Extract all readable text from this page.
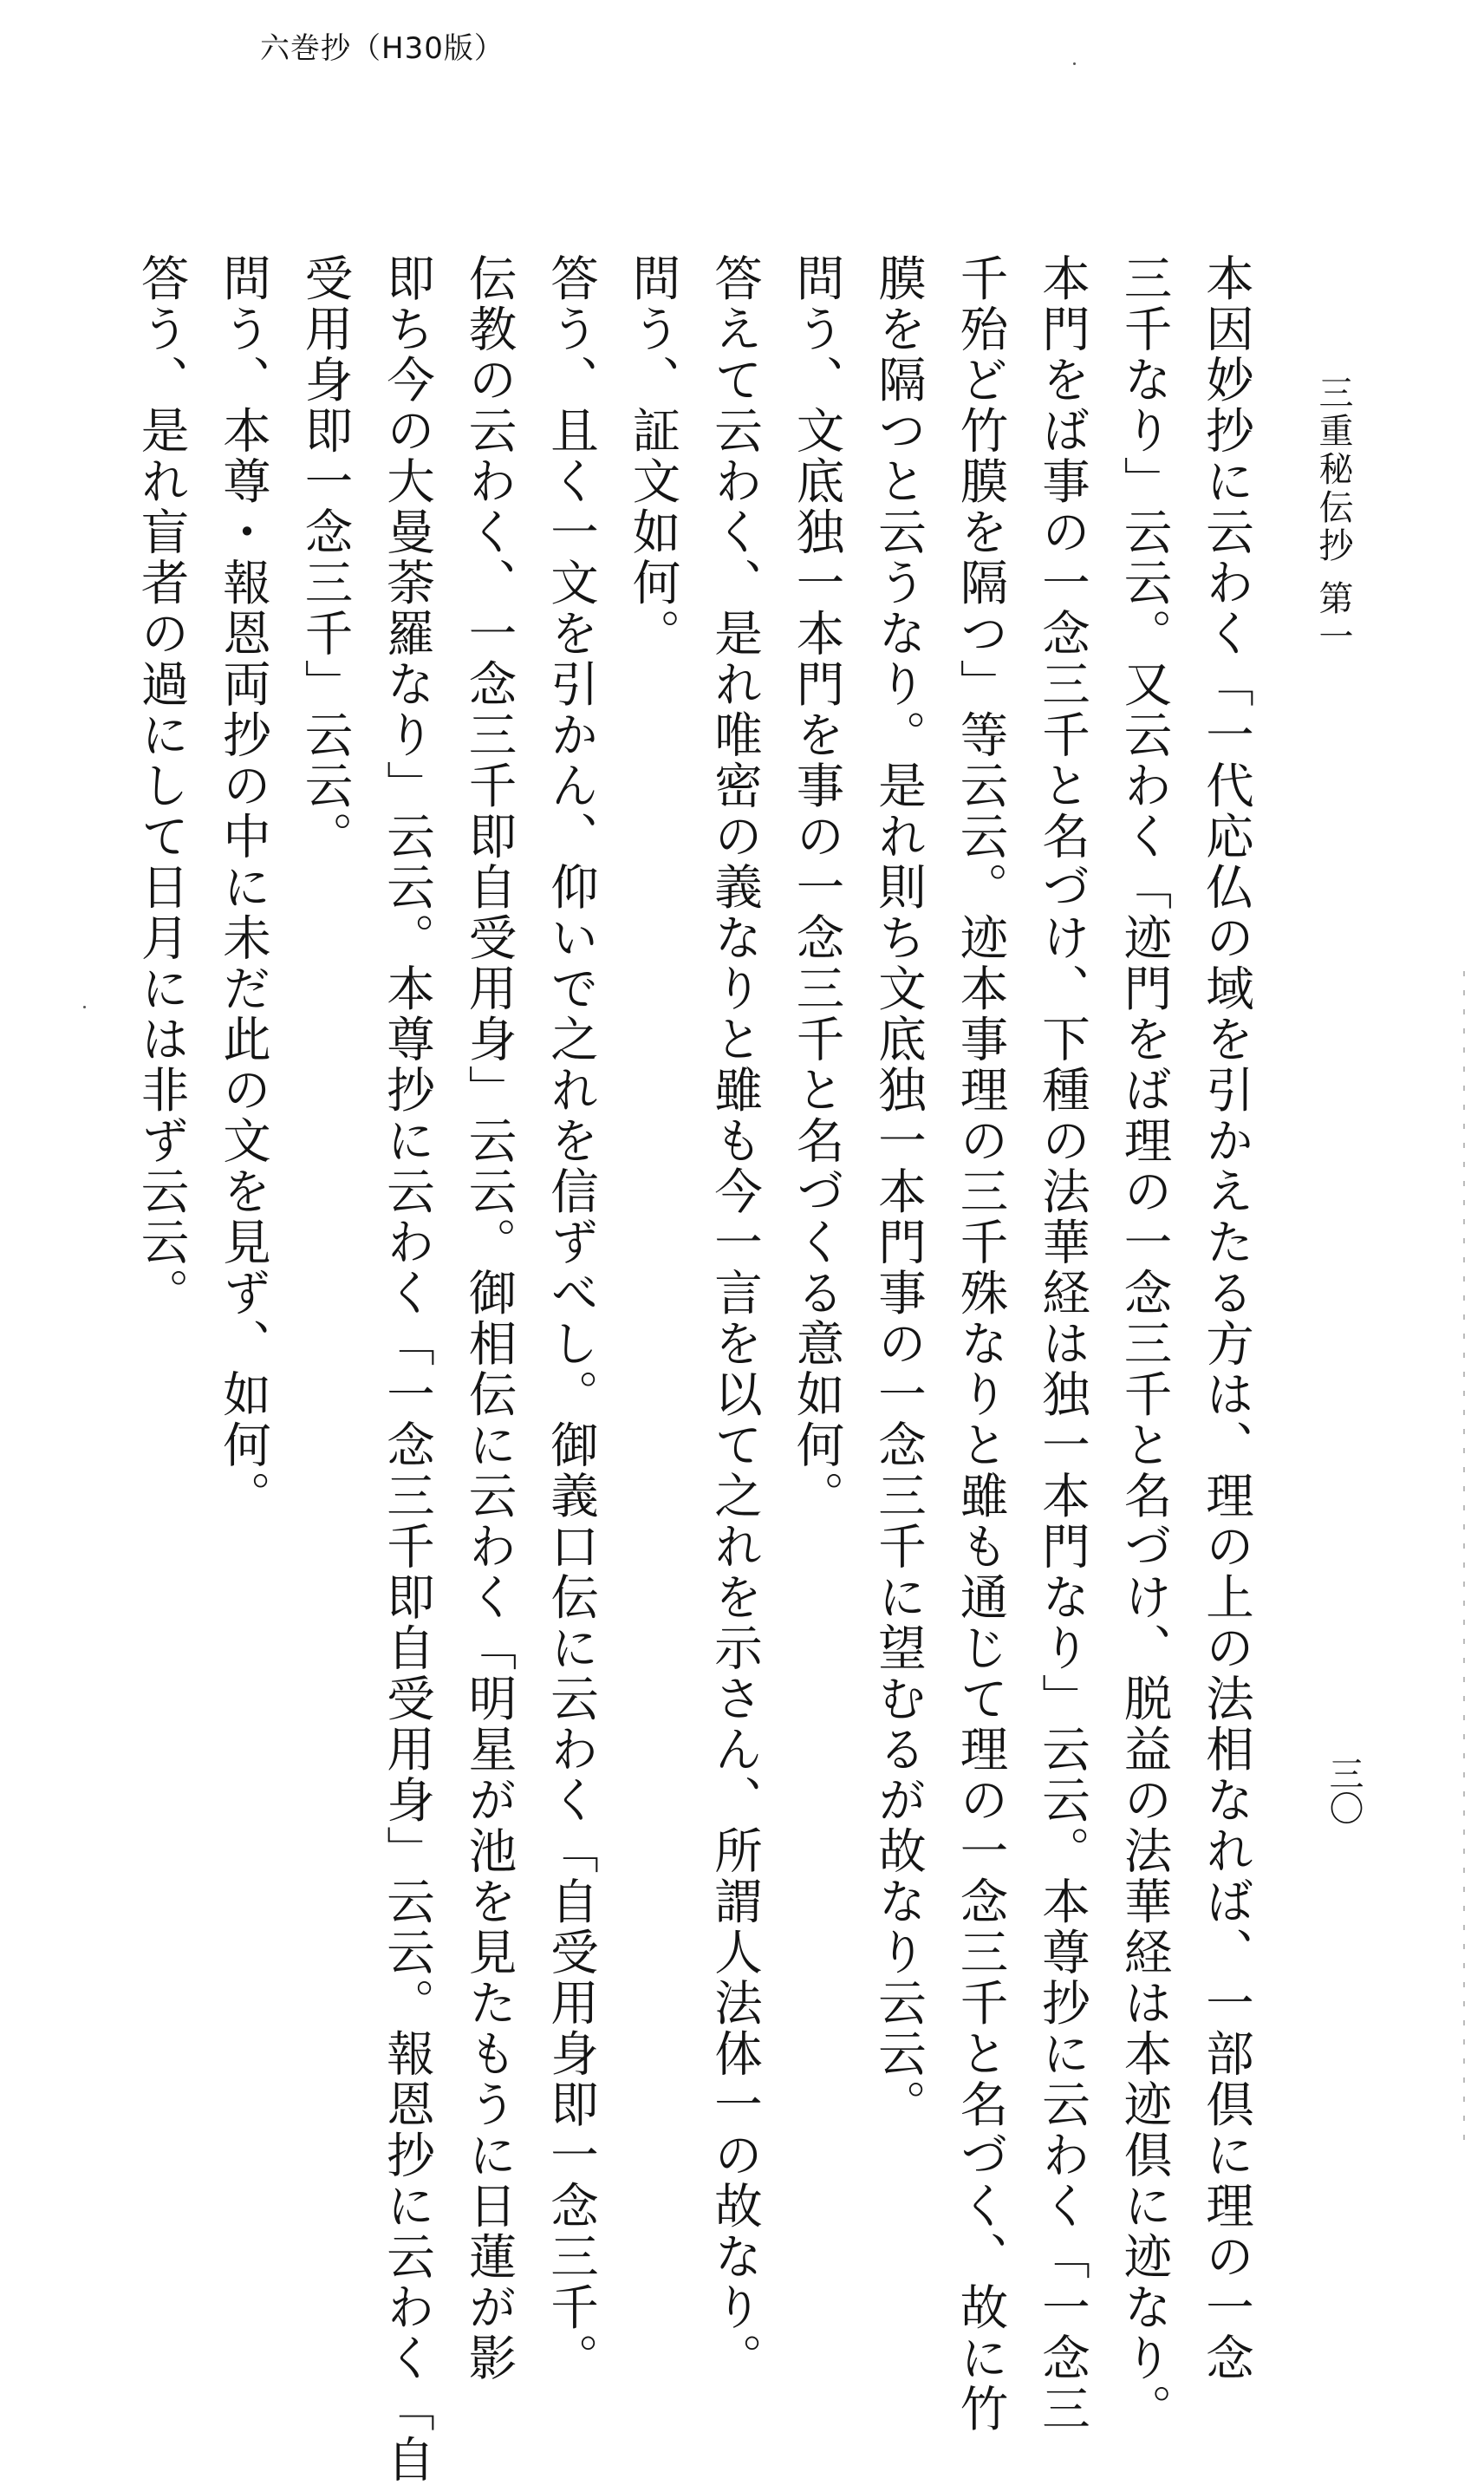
六巻抄（H30版）
三重秘伝抄 第一
三〇
本因妙抄に云わく「一代応仏の域を引かえたる方は、理の上の法相なれば、一部倶に理の一念
三千なり」云云。又云わく「迹門をば理の一念三千と名づけ、脱益の法華経は本迹倶に迹なり。
本門をば事の一念三千と名づけ、下種の法華経は独一本門なり」云云。本尊抄に云わく「一念三
千殆ど竹膜を隔つ」等云云。迹本事理の三千殊なりと雖も通じて理の一念三千と名づく、故に竹
膜を隔つと云うなり。是れ則ち文底独一本門事の一念三千に望むるが故なり云云。
問う、文底独一本門を事の一念三千と名づくる意如何。
答えて云わく、是れ唯密の義なりと雖も今一言を以て之れを示さん、所謂人法体一の故なり。
問う、証文如何。
答う、且く一文を引かん、仰いで之れを信ずべし。御義口伝に云わく「自受用身即一念三千。
伝教の云わく、一念三千即自受用身」云云。御相伝に云わく「明星が池を見たもうに日蓮が影
即ち今の大曼荼羅なり」云云。本尊抄に云わく「一念三千即自受用身」云云。報恩抄に云わく「自
受用身即一念三千」云云。
問う、本尊・報恩両抄の中に未だ此の文を見ず、如何。
答う、是れ盲者の過にして日月には非ず云云。
